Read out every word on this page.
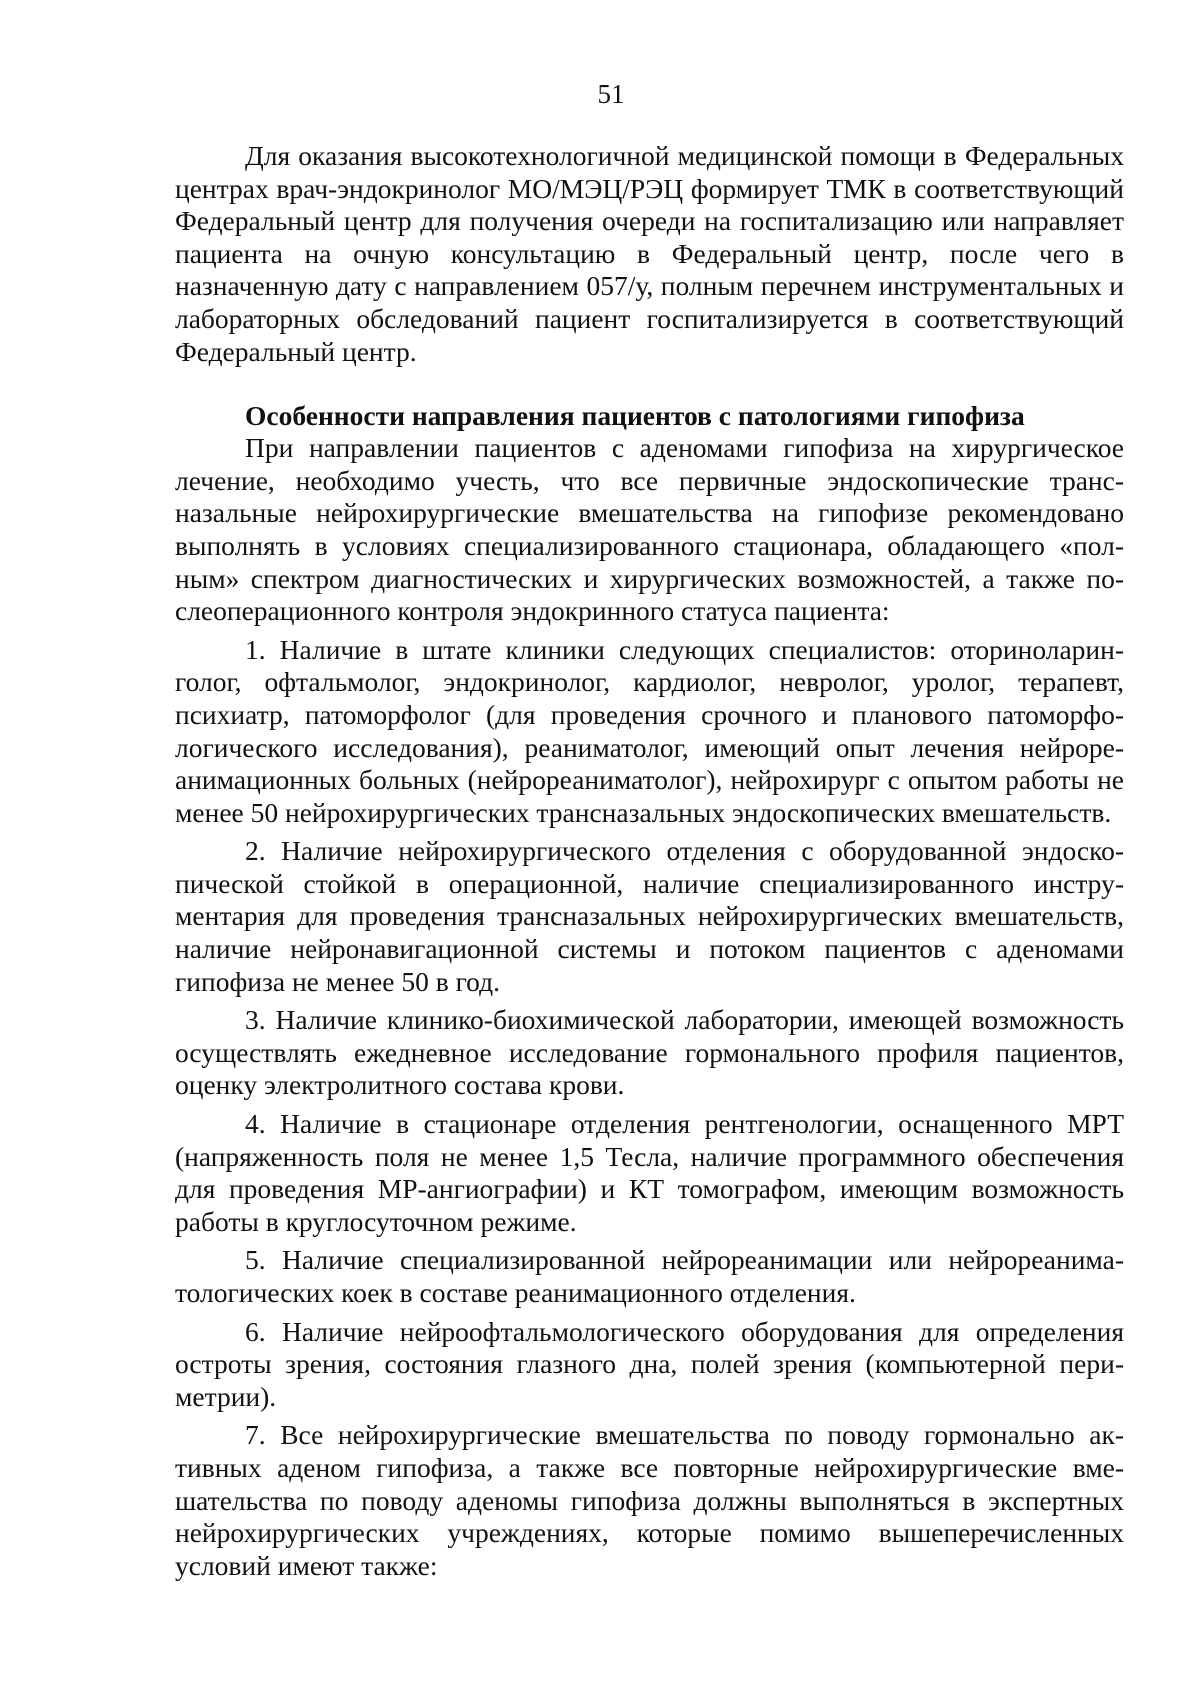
51

Для оказания высокотехнологичной медицинской помощи в Федеральных центрах врач-эндокринолог МО/МЭЦ/РЭЦ формирует ТМК в соответствующий Федеральный центр для получения очереди на госпитализацию или направляет пациента на очную консультацию в Федеральный центр, после чего в назначенную дату с направлением 057/у, полным перечнем инструментальных и лабораторных обследований пациент госпитализируется в соответствующий Федеральный центр.

Особенности направления пациентов с патологиями гипофиза

При направлении пациентов с аденомами гипофиза на хирургическое лечение, необходимо учесть, что все первичные эндоскопические трансназальные нейрохирургические вмешательства на гипофизе рекомендовано выполнять в условиях специализированного стационара, обладающего «полным» спектром диагностических и хирургических возможностей, а также послеоперационного контроля эндокринного статуса пациента:

1. Наличие в штате клиники следующих специалистов: оториноларинголог, офтальмолог, эндокринолог, кардиолог, невролог, уролог, терапевт, психиатр, патоморфолог (для проведения срочного и планового патоморфологического исследования), реаниматолог, имеющий опыт лечения нейрореанимационных больных (нейрореаниматолог), нейрохирург с опытом работы не менее 50 нейрохирургических трансназальных эндоскопических вмешательств.

2. Наличие нейрохирургического отделения с оборудованной эндоскопической стойкой в операционной, наличие специализированного инструментария для проведения трансназальных нейрохирургических вмешательств, наличие нейронавигационной системы и потоком пациентов с аденомами гипофиза не менее 50 в год.

3. Наличие клинико-биохимической лаборатории, имеющей возможность осуществлять ежедневное исследование гормонального профиля пациентов, оценку электролитного состава крови.

4. Наличие в стационаре отделения рентгенологии, оснащенного МРТ (напряженность поля не менее 1,5 Тесла, наличие программного обеспечения для проведения МР-ангиографии) и КТ томографом, имеющим возможность работы в круглосуточном режиме.

5. Наличие специализированной нейрореанимации или нейрореаниматологических коек в составе реанимационного отделения.

6. Наличие нейроофтальмологического оборудования для определения остроты зрения, состояния глазного дна, полей зрения (компьютерной периметрии).

7. Все нейрохирургические вмешательства по поводу гормонально активных аденом гипофиза, а также все повторные нейрохирургические вмешательства по поводу аденомы гипофиза должны выполняться в экспертных нейрохирургических учреждениях, которые помимо вышеперечисленных условий имеют также:
